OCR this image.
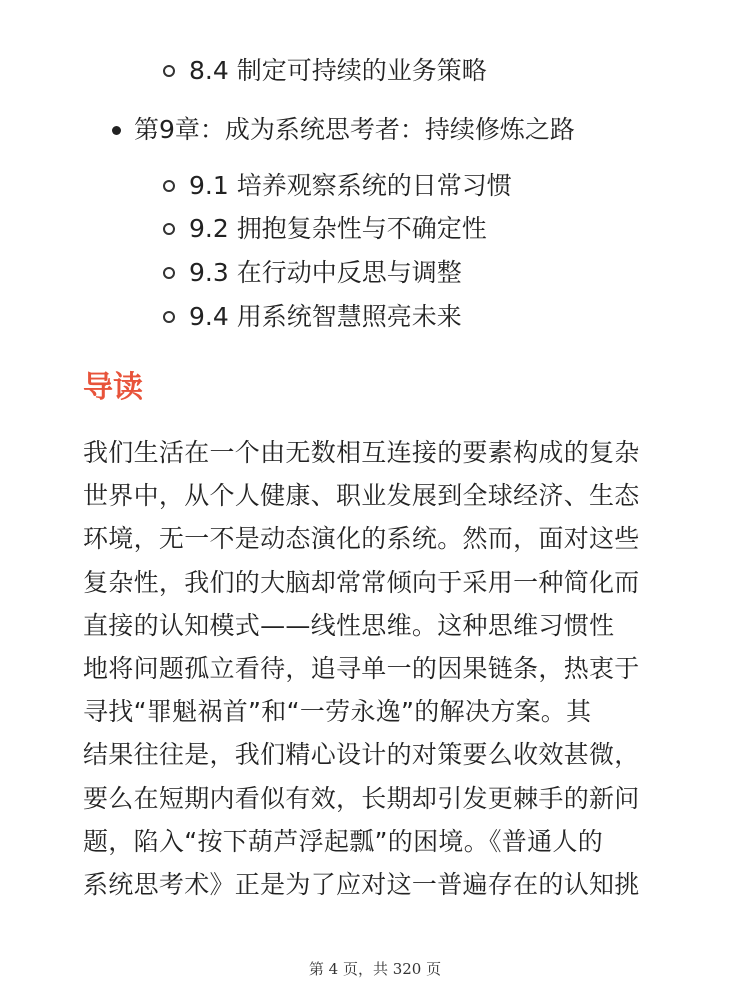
8.4 制定可持续的业务策略
第9章：成为系统思考者：持续修炼之路
9.1 培养观察系统的日常习惯
9.2 拥抱复杂性与不确定性
9.3 在行动中反思与调整
9.4 用系统智慧照亮未来
导读
我们生活在一个由无数相互连接的要素构成的复杂
世界中，从个人健康、职业发展到全球经济、生态
环境，无一不是动态演化的系统。然而，面对这些
复杂性，我们的大脑却常常倾向于采用一种简化而
直接的认知模式——线性思维。这种思维习惯性
地将问题孤立看待，追寻单一的因果链条，热衷于
寻找“罪魁祸首”和“一劳永逸”的解决方案。其
结果往往是，我们精心设计的对策要么收效甚微，
要么在短期内看似有效，长期却引发更棘手的新问
题，陷入“按下葫芦浮起瓢”的困境。《普通人的
系统思考术》正是为了应对这一普遍存在的认知挑
第 4 页，共 320 页
